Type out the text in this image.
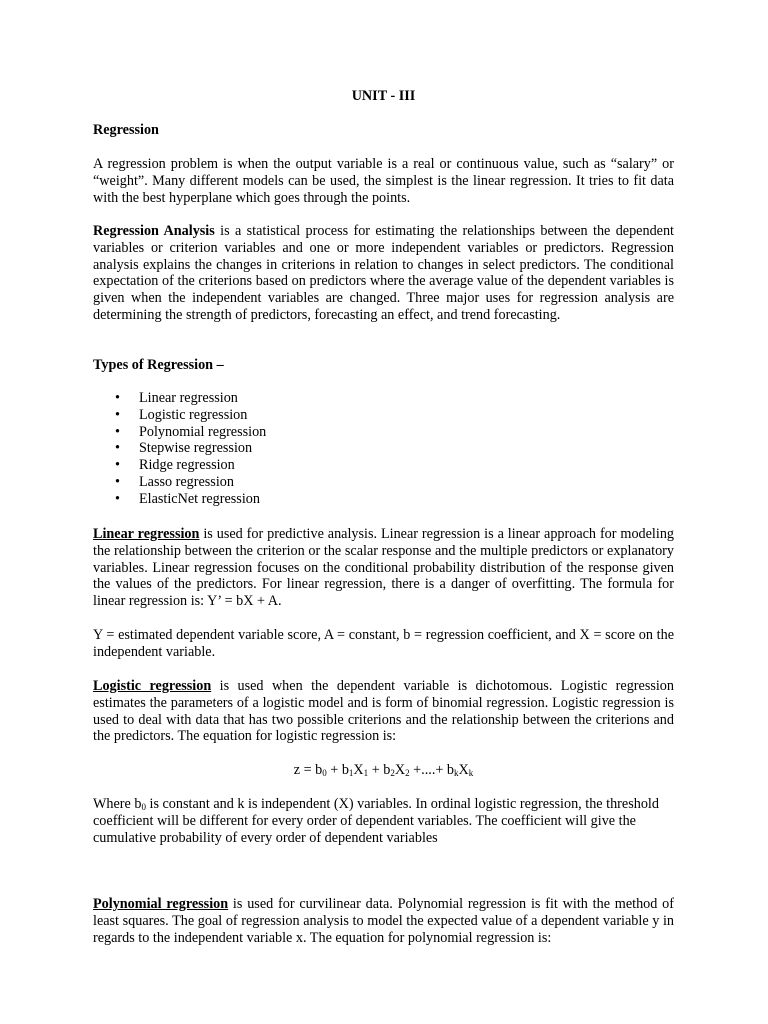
UNIT - III

Regression

A regression problem is when the output variable is a real or continuous value, such as “salary” or “weight”. Many different models can be used, the simplest is the linear regression. It tries to fit data with the best hyperplane which goes through the points.

Regression Analysis is a statistical process for estimating the relationships between the dependent variables or criterion variables and one or more independent variables or predictors. Regression analysis explains the changes in criterions in relation to changes in select predictors. The conditional expectation of the criterions based on predictors where the average value of the dependent variables is given when the independent variables are changed. Three major uses for regression analysis are determining the strength of predictors, forecasting an effect, and trend forecasting.

Types of Regression –

• Linear regression
• Logistic regression
• Polynomial regression
• Stepwise regression
• Ridge regression
• Lasso regression
• ElasticNet regression

Linear regression is used for predictive analysis. Linear regression is a linear approach for modeling the relationship between the criterion or the scalar response and the multiple predictors or explanatory variables. Linear regression focuses on the conditional probability distribution of the response given the values of the predictors. For linear regression, there is a danger of overfitting. The formula for linear regression is: Y’ = bX + A.

Y = estimated dependent variable score, A = constant, b = regression coefficient, and X = score on the independent variable.

Logistic regression is used when the dependent variable is dichotomous. Logistic regression estimates the parameters of a logistic model and is form of binomial regression. Logistic regression is used to deal with data that has two possible criterions and the relationship between the criterions and the predictors. The equation for logistic regression is:

$z = b_0 + b_1X_1 + b_2X_2$ +....+ $b_kX_k$

Where $b_0$ is constant and k is independent (X) variables. In ordinal logistic regression, the threshold coefficient will be different for every order of dependent variables. The coefficient will give the cumulative probability of every order of dependent variables

Polynomial regression is used for curvilinear data. Polynomial regression is fit with the method of least squares. The goal of regression analysis to model the expected value of a dependent variable y in regards to the independent variable x. The equation for polynomial regression is:
